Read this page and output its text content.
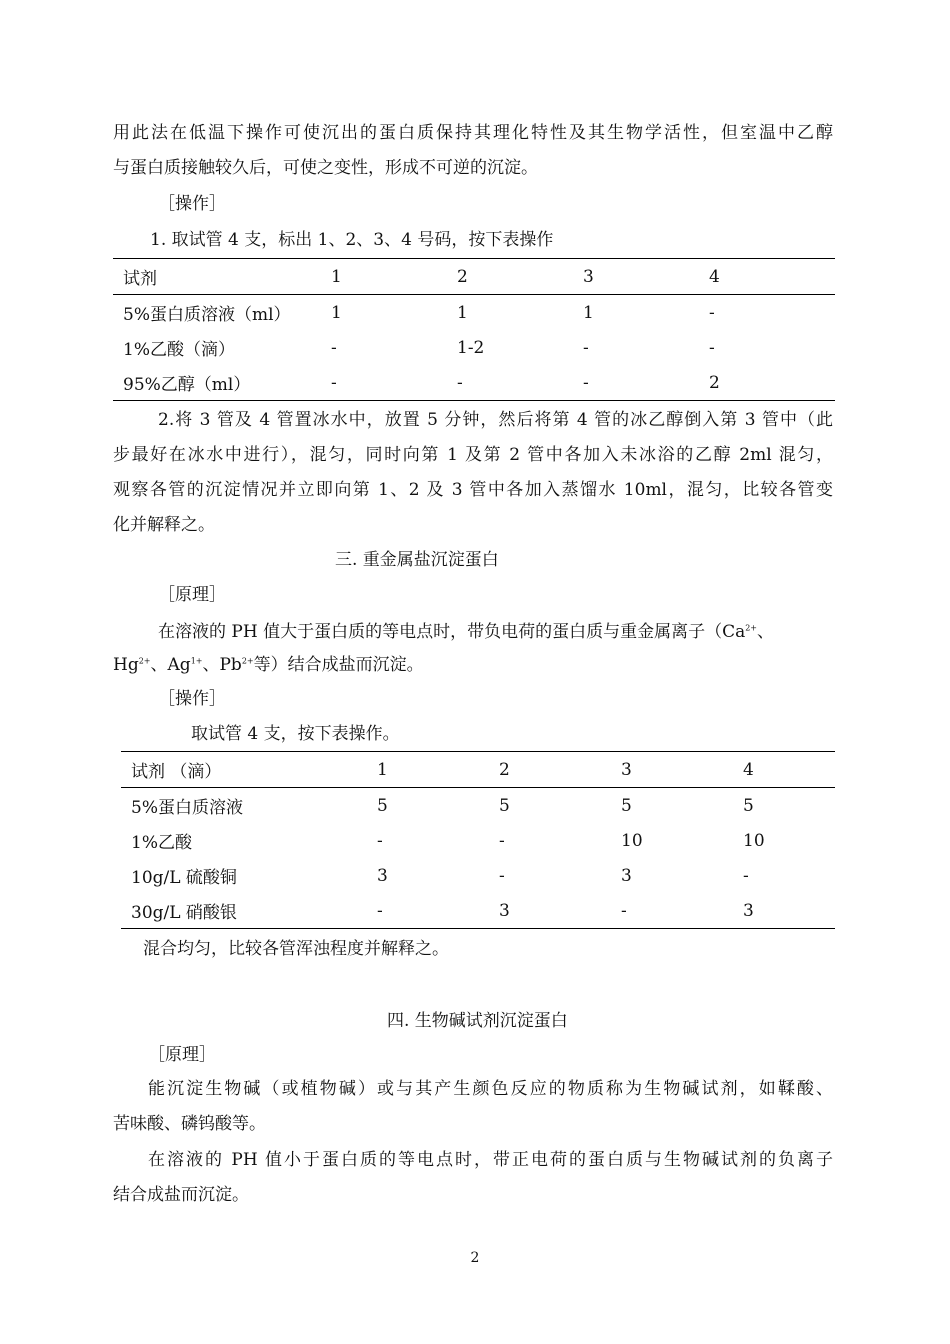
用此法在低温下操作可使沉出的蛋白质保持其理化特性及其生物学活性，但室温中乙醇
与蛋白质接触较久后，可使之变性，形成不可逆的沉淀。
［操作］
1. 取试管 4 支，标出 1、2、3、4 号码，按下表操作
试剂	1	2	3	4
5%蛋白质溶液（ml）	1	1	1	-
1%乙酸（滴）	-	1-2	-	-
95%乙醇（ml）	-	-	-	2
2.将 3 管及 4 管置冰水中，放置 5 分钟，然后将第 4 管的冰乙醇倒入第 3 管中（此
步最好在冰水中进行），混匀，同时向第 1 及第 2 管中各加入未冰浴的乙醇 2ml 混匀，
观察各管的沉淀情况并立即向第 1、2 及 3 管中各加入蒸馏水 10ml，混匀，比较各管变
化并解释之。
三. 重金属盐沉淀蛋白
［原理］
在溶液的 PH 值大于蛋白质的等电点时，带负电荷的蛋白质与重金属离子（$Ca^{2+}$、
$Hg^{2+}$、$Ag^{1+}$、$Pb^{2+}$等）结合成盐而沉淀。
［操作］
取试管 4 支，按下表操作。
试剂 （滴）	1	2	3	4
5%蛋白质溶液	5	5	5	5
1%乙酸	-	-	10	10
10g/L 硫酸铜	3	-	3	-
30g/L 硝酸银	-	3	-	3
混合均匀，比较各管浑浊程度并解释之。
四. 生物碱试剂沉淀蛋白
［原理］
能沉淀生物碱（或植物碱）或与其产生颜色反应的物质称为生物碱试剂，如鞣酸、
苦味酸、磷钨酸等。
在溶液的 PH 值小于蛋白质的等电点时，带正电荷的蛋白质与生物碱试剂的负离子
结合成盐而沉淀。
2
